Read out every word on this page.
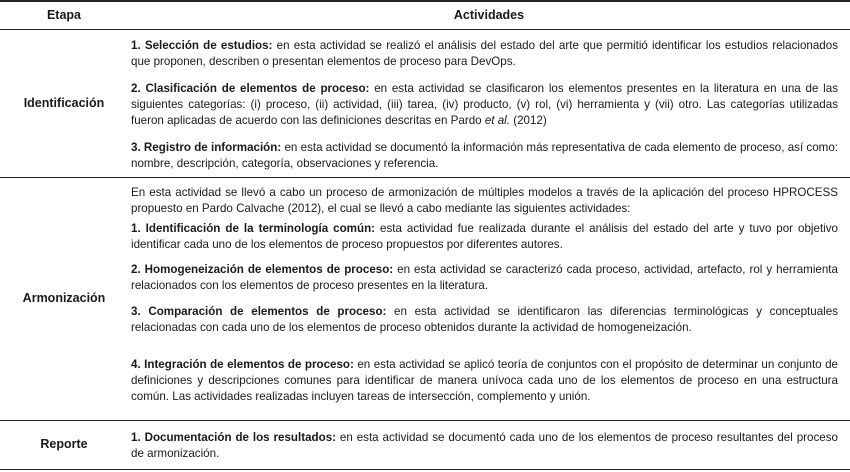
Etapa	Actividades
Identificación

1. Selección de estudios: en esta actividad se realizó el análisis del estado del arte que permitió identificar los estudios relacionados que proponen, describen o presentan elementos de proceso para DevOps.

2. Clasificación de elementos de proceso: en esta actividad se clasificaron los elementos presentes en la literatura en una de las siguientes categorías: (i) proceso, (ii) actividad, (iii) tarea, (iv) producto, (v) rol, (vi) herramienta y (vii) otro. Las categorías utilizadas fueron aplicadas de acuerdo con las definiciones descritas en Pardo et al. (2012)

3. Registro de información: en esta actividad se documentó la información más representativa de cada elemento de proceso, así como: nombre, descripción, categoría, observaciones y referencia.

Armonización

En esta actividad se llevó a cabo un proceso de armonización de múltiples modelos a través de la aplicación del proceso HPROCESS propuesto en Pardo Calvache (2012), el cual se llevó a cabo mediante las siguientes actividades:

1. Identificación de la terminología común: esta actividad fue realizada durante el análisis del estado del arte y tuvo por objetivo identificar cada uno de los elementos de proceso propuestos por diferentes autores.

2. Homogeneización de elementos de proceso: en esta actividad se caracterizó cada proceso, actividad, artefacto, rol y herramienta relacionados con los elementos de proceso presentes en la literatura.

3. Comparación de elementos de proceso: en esta actividad se identificaron las diferencias terminológicas y conceptuales relacionadas con cada uno de los elementos de proceso obtenidos durante la actividad de homogeneización.

4. Integración de elementos de proceso: en esta actividad se aplicó teoría de conjuntos con el propósito de determinar un conjunto de definiciones y descripciones comunes para identificar de manera unívoca cada uno de los elementos de proceso en una estructura común. Las actividades realizadas incluyen tareas de intersección, complemento y unión.

Reporte	1. Documentación de los resultados: en esta actividad se documentó cada uno de los elementos de proceso resultantes del proceso de armonización.
